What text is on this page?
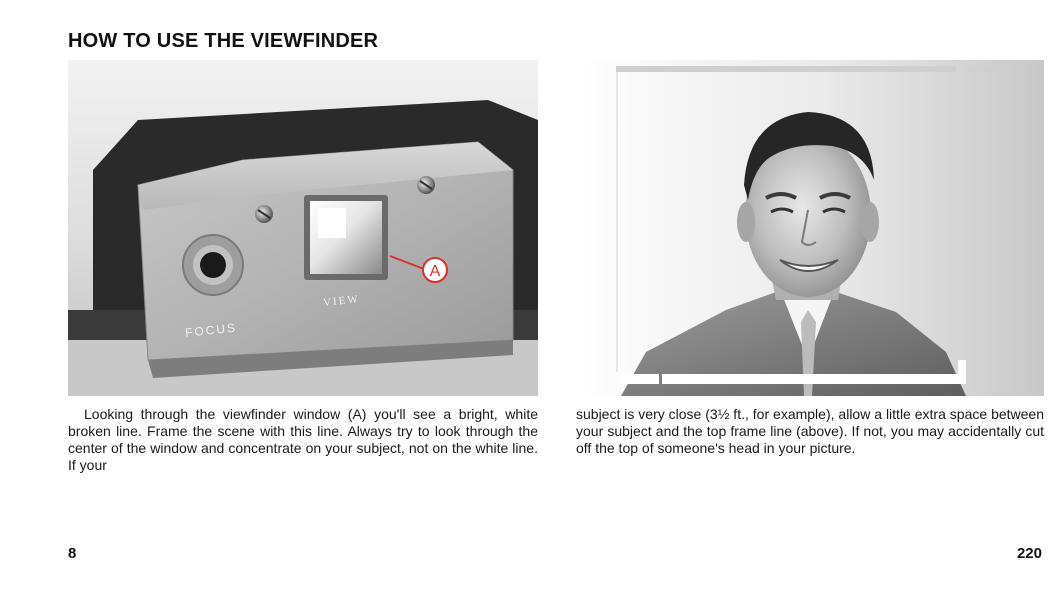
HOW TO USE THE VIEWFINDER
FOCUS
VIEW
A

Looking through the viewfinder window (A) you'll see a bright, white broken line. Frame the scene with this line. Always try to look through the center of the window and concentrate on your subject, not on the white line. If your

subject is very close (3½ ft., for example), allow a little extra space between your subject and the top frame line (above). If not, you may accidentally cut off the top of someone's head in your picture.

8	220
